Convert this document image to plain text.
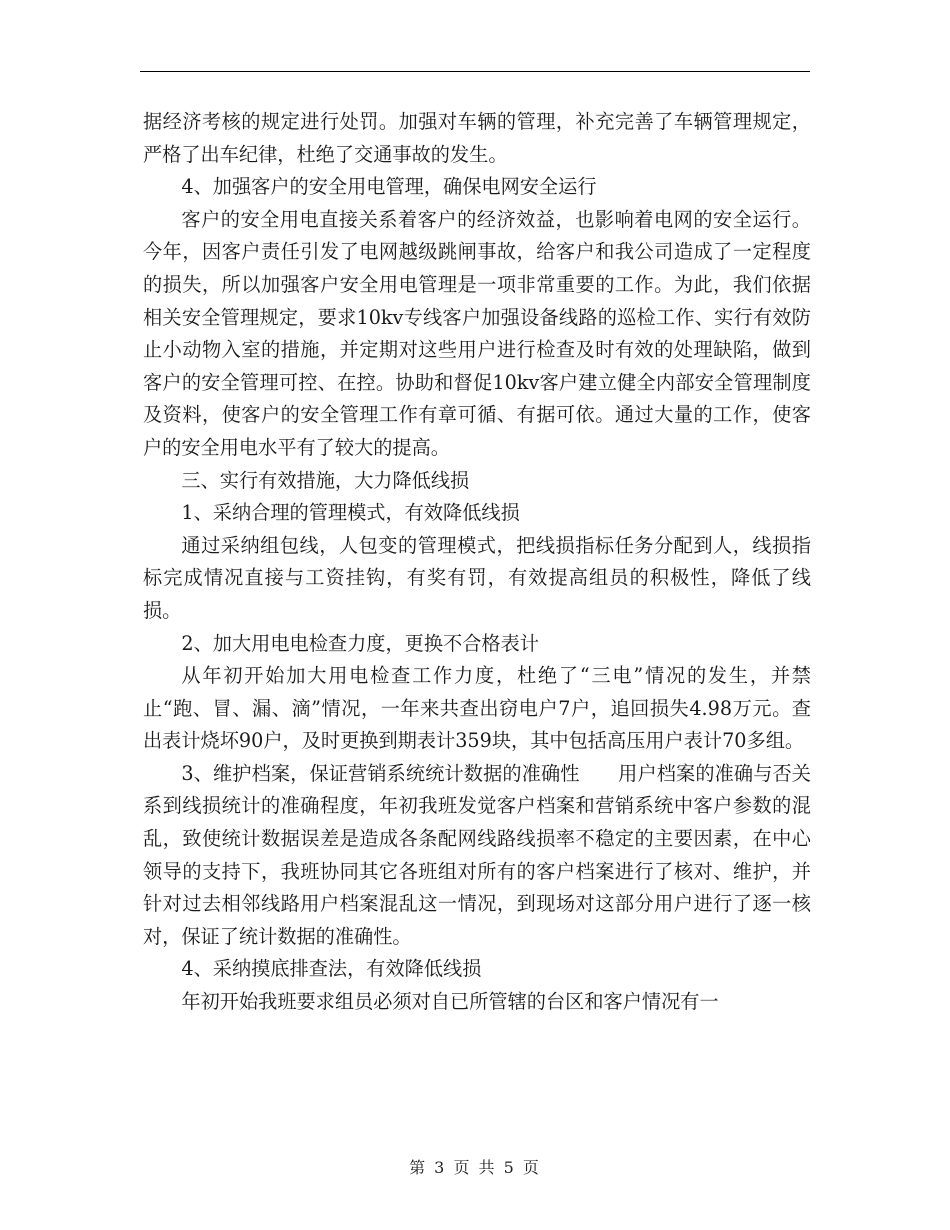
据经济考核的规定进行处罚。加强对车辆的管理，补充完善了车辆管理规定，严格了出车纪律，杜绝了交通事故的发生。

4、加强客户的安全用电管理，确保电网安全运行

客户的安全用电直接关系着客户的经济效益，也影响着电网的安全运行。今年，因客户责任引发了电网越级跳闸事故，给客户和我公司造成了一定程度的损失，所以加强客户安全用电管理是一项非常重要的工作。为此，我们依据相关安全管理规定，要求10kv专线客户加强设备线路的巡检工作、实行有效防止小动物入室的措施，并定期对这些用户进行检查及时有效的处理缺陷，做到客户的安全管理可控、在控。协助和督促10kv客户建立健全内部安全管理制度及资料，使客户的安全管理工作有章可循、有据可依。通过大量的工作，使客户的安全用电水平有了较大的提高。

三、实行有效措施，大力降低线损

1、采纳合理的管理模式，有效降低线损

通过采纳组包线，人包变的管理模式，把线损指标任务分配到人，线损指标完成情况直接与工资挂钩，有奖有罚，有效提高组员的积极性，降低了线损。

2、加大用电电检查力度，更换不合格表计

从年初开始加大用电检查工作力度，杜绝了“三电”情况的发生，并禁止“跑、冒、漏、滴”情况，一年来共查出窃电户7户，追回损失4.98万元。查出表计烧坏90户，及时更换到期表计359块，其中包括高压用户表计70多组。

3、维护档案，保证营销系统统计数据的准确性　　用户档案的准确与否关系到线损统计的准确程度，年初我班发觉客户档案和营销系统中客户参数的混乱，致使统计数据误差是造成各条配网线路线损率不稳定的主要因素，在中心领导的支持下，我班协同其它各班组对所有的客户档案进行了核对、维护，并针对过去相邻线路用户档案混乱这一情况，到现场对这部分用户进行了逐一核对，保证了统计数据的准确性。

4、采纳摸底排查法，有效降低线损

年初开始我班要求组员必须对自已所管辖的台区和客户情况有一

第 3 页 共 5 页
